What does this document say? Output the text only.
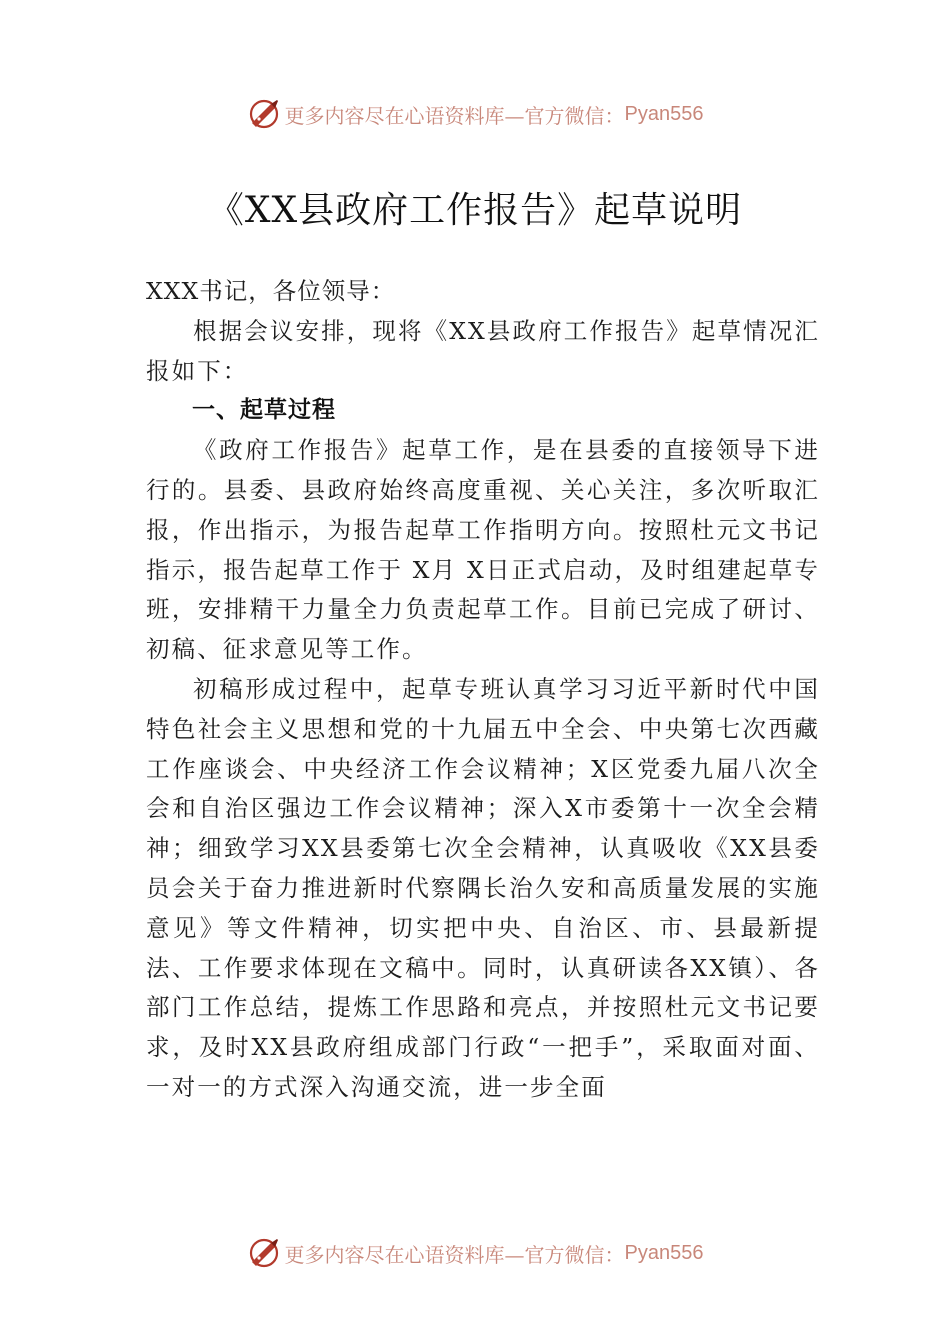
更多内容尽在心语资料库—官方微信： Pyan556
《XX县政府工作报告》起草说明

XXX书记，各位领导：

根据会议安排，现将《XX县政府工作报告》起草情况汇报如下：

一、起草过程

《政府工作报告》起草工作，是在县委的直接领导下进行的。县委、县政府始终高度重视、关心关注，多次听取汇报，作出指示，为报告起草工作指明方向。按照杜元文书记指示，报告起草工作于 X月 X日正式启动，及时组建起草专班，安排精干力量全力负责起草工作。目前已完成了研讨、初稿、征求意见等工作。

初稿形成过程中，起草专班认真学习习近平新时代中国特色社会主义思想和党的十九届五中全会、中央第七次西藏工作座谈会、中央经济工作会议精神；X区党委九届八次全会和自治区强边工作会议精神；深入X市委第十一次全会精神；细致学习XX县委第七次全会精神，认真吸收《XX县委员会关于奋力推进新时代察隅长治久安和高质量发展的实施意见》等文件精神，切实把中央、自治区、市、县最新提法、工作要求体现在文稿中。同时，认真研读各XX镇）、各部门工作总结，提炼工作思路和亮点，并按照杜元文书记要求，及时XX县政府组成部门行政“一把手”，采取面对面、一对一的方式深入沟通交流，进一步全面

更多内容尽在心语资料库—官方微信： Pyan556
